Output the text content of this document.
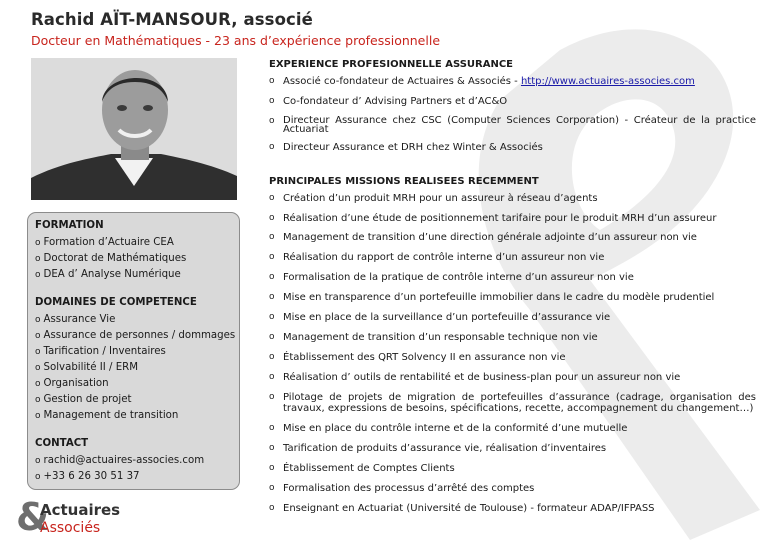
Rachid AÏT-MANSOUR, associé
Docteur en Mathématiques - 23 ans d’expérience professionnelle
FORMATION
o Formation d’Actuaire CEA
o Doctorat de Mathématiques
o DEA d’ Analyse Numérique
DOMAINES DE COMPETENCE
o Assurance Vie
o Assurance de personnes / dommages
o Tarification / Inventaires
o Solvabilité II / ERM
o Organisation
o Gestion de projet
o Management de transition
CONTACT
o rachid@actuaires-associes.com
o +33 6 26 30 51 37
&
Actuaires
Associés
EXPERIENCE PROFESIONNELLE ASSURANCE
o Associé co-fondateur de Actuaires & Associés - http://www.actuaires-associes.com
o Co-fondateur d’ Advising Partners et d’AC&O
o Directeur Assurance chez CSC (Computer Sciences Corporation) - Créateur de la practice Actuariat
o Directeur Assurance et DRH chez Winter & Associés
PRINCIPALES MISSIONS REALISEES RECEMMENT
o Création d’un produit MRH pour un assureur à réseau d’agents
o Réalisation d’une étude de positionnement tarifaire pour le produit MRH d’un assureur
o Management de transition d’une direction générale adjointe d’un assureur non vie
o Réalisation du rapport de contrôle interne d’un assureur non vie
o Formalisation de la pratique de contrôle interne d’un assureur non vie
o Mise en transparence d’un portefeuille immobilier dans le cadre du modèle prudentiel
o Mise en place de la surveillance d’un portefeuille d’assurance vie
o Management de transition d’un responsable technique non vie
o Établissement des QRT Solvency II en assurance non vie
o Réalisation d’ outils de rentabilité et de business-plan pour un assureur non vie
o Pilotage de projets de migration de portefeuilles d’assurance (cadrage, organisation des travaux, expressions de besoins, spécifications, recette, accompagnement du changement…)
o Mise en place du contrôle interne et de la conformité d’une mutuelle
o Tarification de produits d’assurance vie, réalisation d’inventaires
o Établissement de Comptes Clients
o Formalisation des processus d’arrêté des comptes
o Enseignant en Actuariat (Université de Toulouse) - formateur ADAP/IFPASS
